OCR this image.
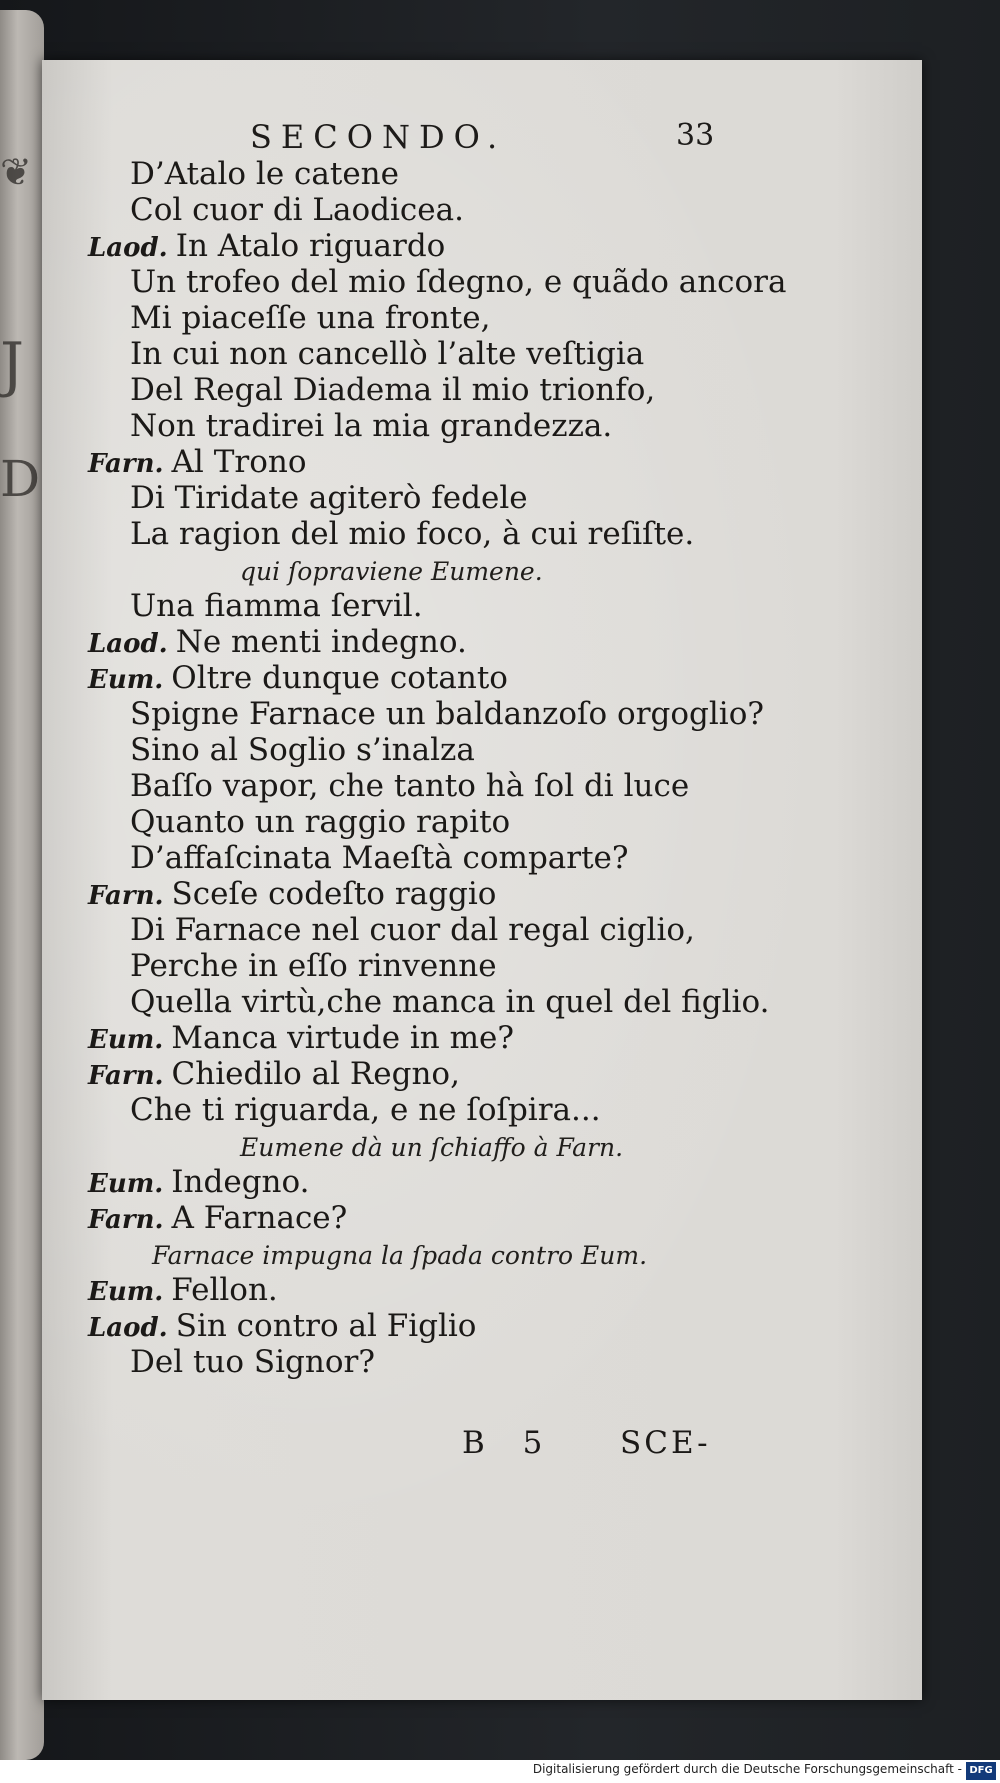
❦
J
D
SECONDO.	33
D’Atalo le catene
Col cuor di Laodicea.
Laod. In Atalo riguardo
Un trofeo del mio ſdegno, e quãdo ancora
Mi piaceſſe una fronte,
In cui non cancellò l’alte veſtigia
Del Regal Diadema il mio trionfo,
Non tradirei la mia grandezza.
Farn. Al Trono
Di Tiridate agiterò fedele
La ragion del mio foco, à cui reſiſte.
qui ſopraviene Eumene.
Una fiamma ſervil.
Laod. Ne menti indegno.
Eum. Oltre dunque cotanto
Spigne Farnace un baldanzoſo orgoglio?
Sino al Soglio s’inalza
Baſſo vapor, che tanto hà ſol di luce
Quanto un raggio rapito
D’affaſcinata Maeſtà comparte?
Farn. Sceſe codeſto raggio
Di Farnace nel cuor dal regal ciglio,
Perche in eſſo rinvenne
Quella virtù,che manca in quel del figlio.
Eum. Manca virtude in me?
Farn. Chiedilo al Regno,
Che ti riguarda, e ne ſoſpira...
Eumene dà un ſchiaffo à Farn.
Eum. Indegno.
Farn. A Farnace?
Farnace impugna la ſpada contro Eum.
Eum. Fellon.
Laod. Sin contro al Figlio
Del tuo Signor?
B 5 SCE-
Digitalisierung gefördert durch die Deutsche Forschungsgemeinschaft - DFG
